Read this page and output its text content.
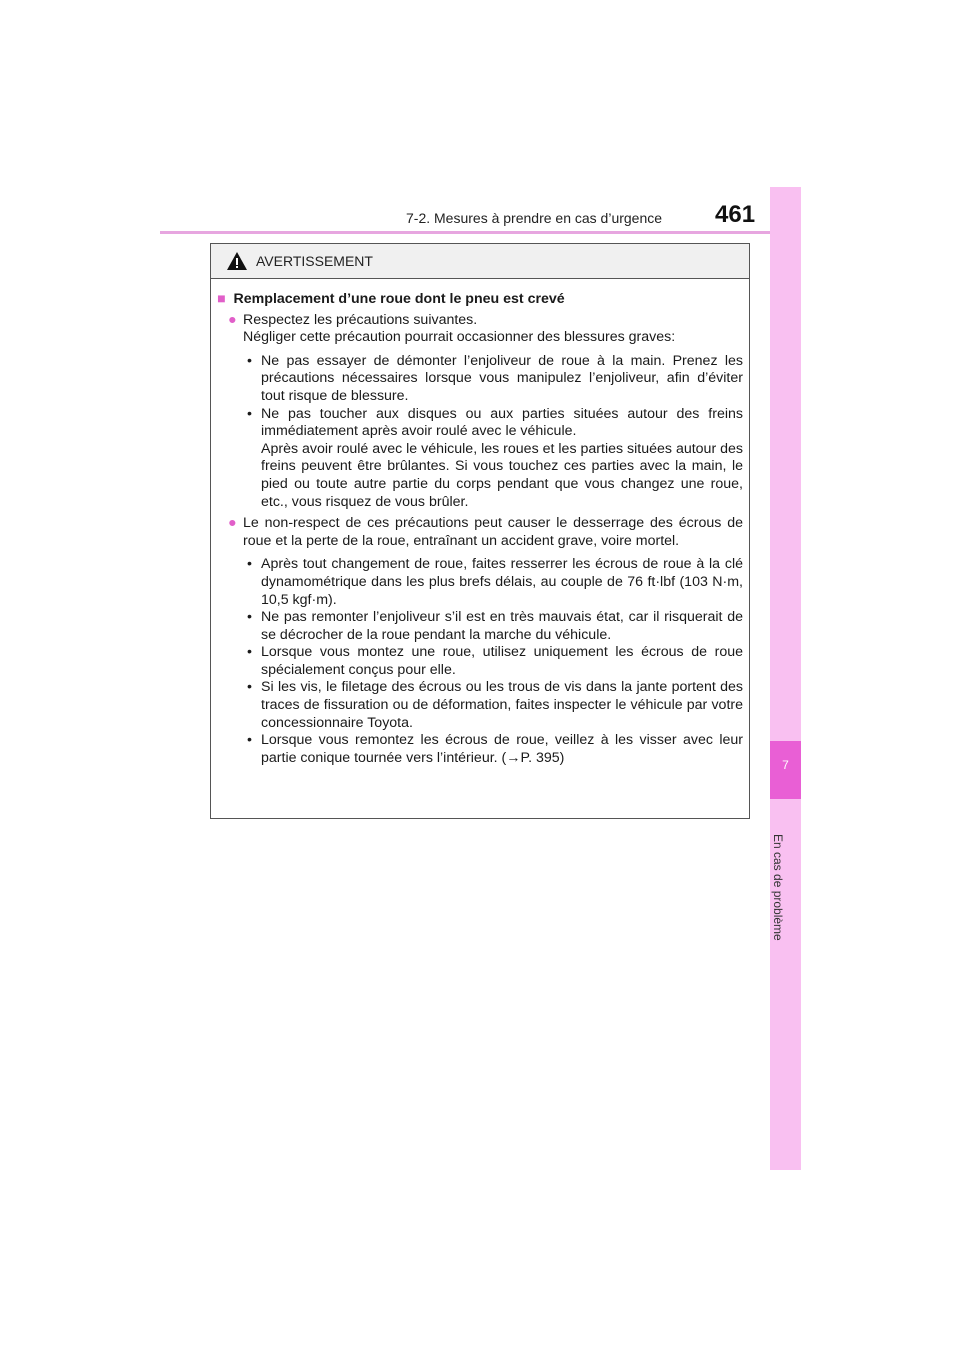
7-2. Mesures à prendre en cas d’urgence 461
7
En cas de problème
AVERTISSEMENT
■ Remplacement d’une roue dont le pneu est crevé
● Respectez les précautions suivantes.
Négliger cette précaution pourrait occasionner des blessures graves:
• Ne pas essayer de démonter l’enjoliveur de roue à la main. Prenez les précautions nécessaires lorsque vous manipulez l’enjoliveur, afin d’éviter tout risque de blessure.
• Ne pas toucher aux disques ou aux parties situées autour des freins immédiatement après avoir roulé avec le véhicule.
Après avoir roulé avec le véhicule, les roues et les parties situées autour des freins peuvent être brûlantes. Si vous touchez ces parties avec la main, le pied ou toute autre partie du corps pendant que vous changez une roue, etc., vous risquez de vous brûler.
● Le non-respect de ces précautions peut causer le desserrage des écrous de roue et la perte de la roue, entraînant un accident grave, voire mortel.
• Après tout changement de roue, faites resserrer les écrous de roue à la clé dynamométrique dans les plus brefs délais, au couple de 76 ft·lbf (103 N·m, 10,5 kgf·m).
• Ne pas remonter l’enjoliveur s’il est en très mauvais état, car il risquerait de se décrocher de la roue pendant la marche du véhicule.
• Lorsque vous montez une roue, utilisez uniquement les écrous de roue spécialement conçus pour elle.
• Si les vis, le filetage des écrous ou les trous de vis dans la jante portent des traces de fissuration ou de déformation, faites inspecter le véhicule par votre concessionnaire Toyota.
• Lorsque vous remontez les écrous de roue, veillez à les visser avec leur partie conique tournée vers l’intérieur. (→P. 395)
